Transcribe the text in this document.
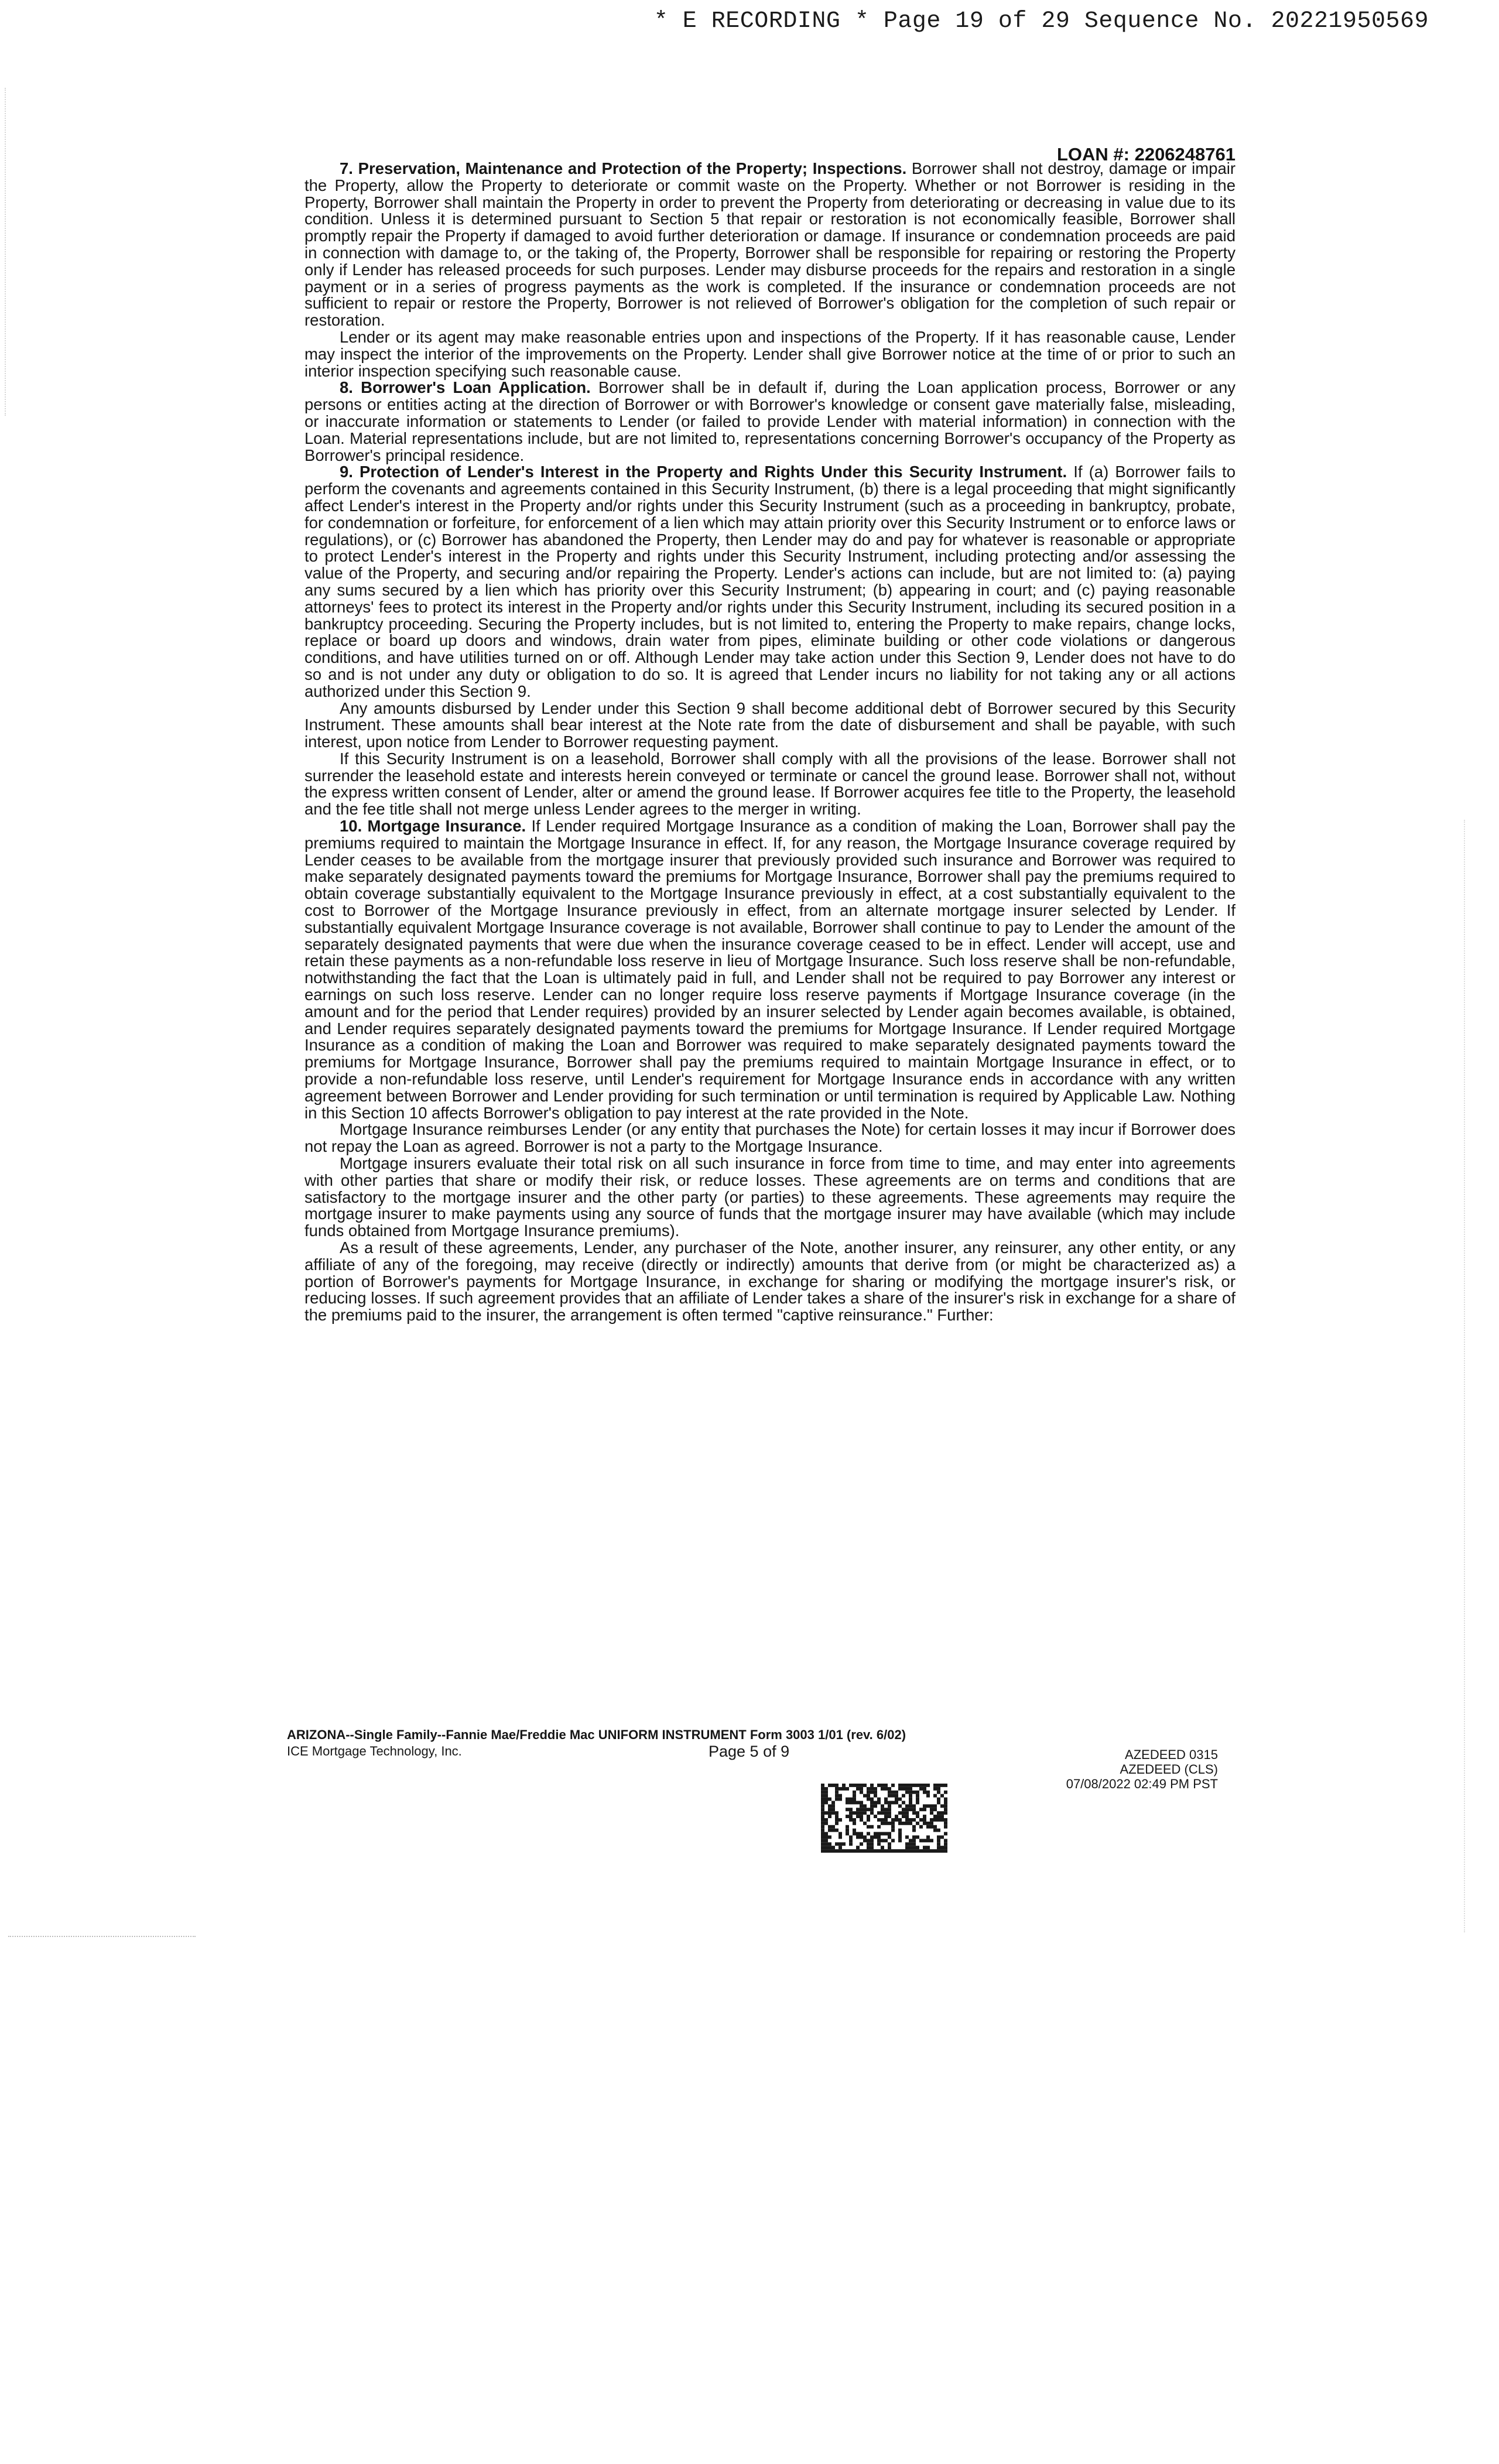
* E RECORDING * Page 19 of 29 Sequence No. 20221950569
LOAN #: 2206248761

7. Preservation, Maintenance and Protection of the Property; Inspections. Borrower shall not destroy, damage or impair the Property, allow the Property to deteriorate or commit waste on the Property. Whether or not Borrower is residing in the Property, Borrower shall maintain the Property in order to prevent the Property from deteriorating or decreasing in value due to its condition. Unless it is determined pursuant to Section 5 that repair or restoration is not economically feasible, Borrower shall promptly repair the Property if damaged to avoid further deterioration or damage. If insurance or condemnation proceeds are paid in connection with damage to, or the taking of, the Property, Borrower shall be responsible for repairing or restoring the Property only if Lender has released proceeds for such purposes. Lender may disburse proceeds for the repairs and restoration in a single payment or in a series of progress payments as the work is completed. If the insurance or condemnation proceeds are not sufficient to repair or restore the Property, Borrower is not relieved of Borrower's obligation for the completion of such repair or restoration.

Lender or its agent may make reasonable entries upon and inspections of the Property. If it has reasonable cause, Lender may inspect the interior of the improvements on the Property. Lender shall give Borrower notice at the time of or prior to such an interior inspection specifying such reasonable cause.

8. Borrower's Loan Application. Borrower shall be in default if, during the Loan application process, Borrower or any persons or entities acting at the direction of Borrower or with Borrower's knowledge or consent gave materially false, misleading, or inaccurate information or statements to Lender (or failed to provide Lender with material information) in connection with the Loan. Material representations include, but are not limited to, representations concerning Borrower's occupancy of the Property as Borrower's principal residence.

9. Protection of Lender's Interest in the Property and Rights Under this Security Instrument. If (a) Borrower fails to perform the covenants and agreements contained in this Security Instrument, (b) there is a legal proceeding that might significantly affect Lender's interest in the Property and/or rights under this Security Instrument (such as a proceeding in bankruptcy, probate, for condemnation or forfeiture, for enforcement of a lien which may attain priority over this Security Instrument or to enforce laws or regulations), or (c) Borrower has abandoned the Property, then Lender may do and pay for whatever is reasonable or appropriate to protect Lender's interest in the Property and rights under this Security Instrument, including protecting and/or assessing the value of the Property, and securing and/or repairing the Property. Lender's actions can include, but are not limited to: (a) paying any sums secured by a lien which has priority over this Security Instrument; (b) appearing in court; and (c) paying reasonable attorneys' fees to protect its interest in the Property and/or rights under this Security Instrument, including its secured position in a bankruptcy proceeding. Securing the Property includes, but is not limited to, entering the Property to make repairs, change locks, replace or board up doors and windows, drain water from pipes, eliminate building or other code violations or dangerous conditions, and have utilities turned on or off. Although Lender may take action under this Section 9, Lender does not have to do so and is not under any duty or obligation to do so. It is agreed that Lender incurs no liability for not taking any or all actions authorized under this Section 9.

Any amounts disbursed by Lender under this Section 9 shall become additional debt of Borrower secured by this Security Instrument. These amounts shall bear interest at the Note rate from the date of disbursement and shall be payable, with such interest, upon notice from Lender to Borrower requesting payment.

If this Security Instrument is on a leasehold, Borrower shall comply with all the provisions of the lease. Borrower shall not surrender the leasehold estate and interests herein conveyed or terminate or cancel the ground lease. Borrower shall not, without the express written consent of Lender, alter or amend the ground lease. If Borrower acquires fee title to the Property, the leasehold and the fee title shall not merge unless Lender agrees to the merger in writing.

10. Mortgage Insurance. If Lender required Mortgage Insurance as a condition of making the Loan, Borrower shall pay the premiums required to maintain the Mortgage Insurance in effect. If, for any reason, the Mortgage Insurance coverage required by Lender ceases to be available from the mortgage insurer that previously provided such insurance and Borrower was required to make separately designated payments toward the premiums for Mortgage Insurance, Borrower shall pay the premiums required to obtain coverage substantially equivalent to the Mortgage Insurance previously in effect, at a cost substantially equivalent to the cost to Borrower of the Mortgage Insurance previously in effect, from an alternate mortgage insurer selected by Lender. If substantially equivalent Mortgage Insurance coverage is not available, Borrower shall continue to pay to Lender the amount of the separately designated payments that were due when the insurance coverage ceased to be in effect. Lender will accept, use and retain these payments as a non-refundable loss reserve in lieu of Mortgage Insurance. Such loss reserve shall be non-refundable, notwithstanding the fact that the Loan is ultimately paid in full, and Lender shall not be required to pay Borrower any interest or earnings on such loss reserve. Lender can no longer require loss reserve payments if Mortgage Insurance coverage (in the amount and for the period that Lender requires) provided by an insurer selected by Lender again becomes available, is obtained, and Lender requires separately designated payments toward the premiums for Mortgage Insurance. If Lender required Mortgage Insurance as a condition of making the Loan and Borrower was required to make separately designated payments toward the premiums for Mortgage Insurance, Borrower shall pay the premiums required to maintain Mortgage Insurance in effect, or to provide a non-refundable loss reserve, until Lender's requirement for Mortgage Insurance ends in accordance with any written agreement between Borrower and Lender providing for such termination or until termination is required by Applicable Law. Nothing in this Section 10 affects Borrower's obligation to pay interest at the rate provided in the Note.

Mortgage Insurance reimburses Lender (or any entity that purchases the Note) for certain losses it may incur if Borrower does not repay the Loan as agreed. Borrower is not a party to the Mortgage Insurance.

Mortgage insurers evaluate their total risk on all such insurance in force from time to time, and may enter into agreements with other parties that share or modify their risk, or reduce losses. These agreements are on terms and conditions that are satisfactory to the mortgage insurer and the other party (or parties) to these agreements. These agreements may require the mortgage insurer to make payments using any source of funds that the mortgage insurer may have available (which may include funds obtained from Mortgage Insurance premiums).

As a result of these agreements, Lender, any purchaser of the Note, another insurer, any reinsurer, any other entity, or any affiliate of any of the foregoing, may receive (directly or indirectly) amounts that derive from (or might be characterized as) a portion of Borrower's payments for Mortgage Insurance, in exchange for sharing or modifying the mortgage insurer's risk, or reducing losses. If such agreement provides that an affiliate of Lender takes a share of the insurer's risk in exchange for a share of the premiums paid to the insurer, the arrangement is often termed "captive reinsurance." Further:

ARIZONA--Single Family--Fannie Mae/Freddie Mac UNIFORM INSTRUMENT Form 3003 1/01 (rev. 6/02)
ICE Mortgage Technology, Inc.	Page 5 of 9	AZEDEED 0315
AZEDEED (CLS)
07/08/2022 02:49 PM PST
